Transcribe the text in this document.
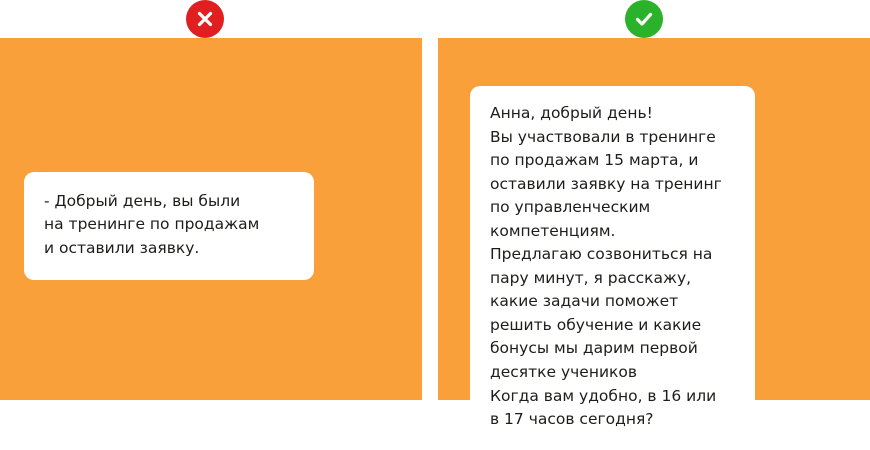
- Добрый день, вы были
на тренинге по продажам
и оставили заявку.

Анна, добрый день!
Вы участвовали в тренинге
по продажам 15 марта, и
оставили заявку на тренинг
по управленческим
компетенциям.
Предлагаю созвониться на
пару минут, я расскажу,
какие задачи поможет
решить обучение и какие
бонусы мы дарим первой
десятке учеников
Когда вам удобно, в 16 или
в 17 часов сегодня?
